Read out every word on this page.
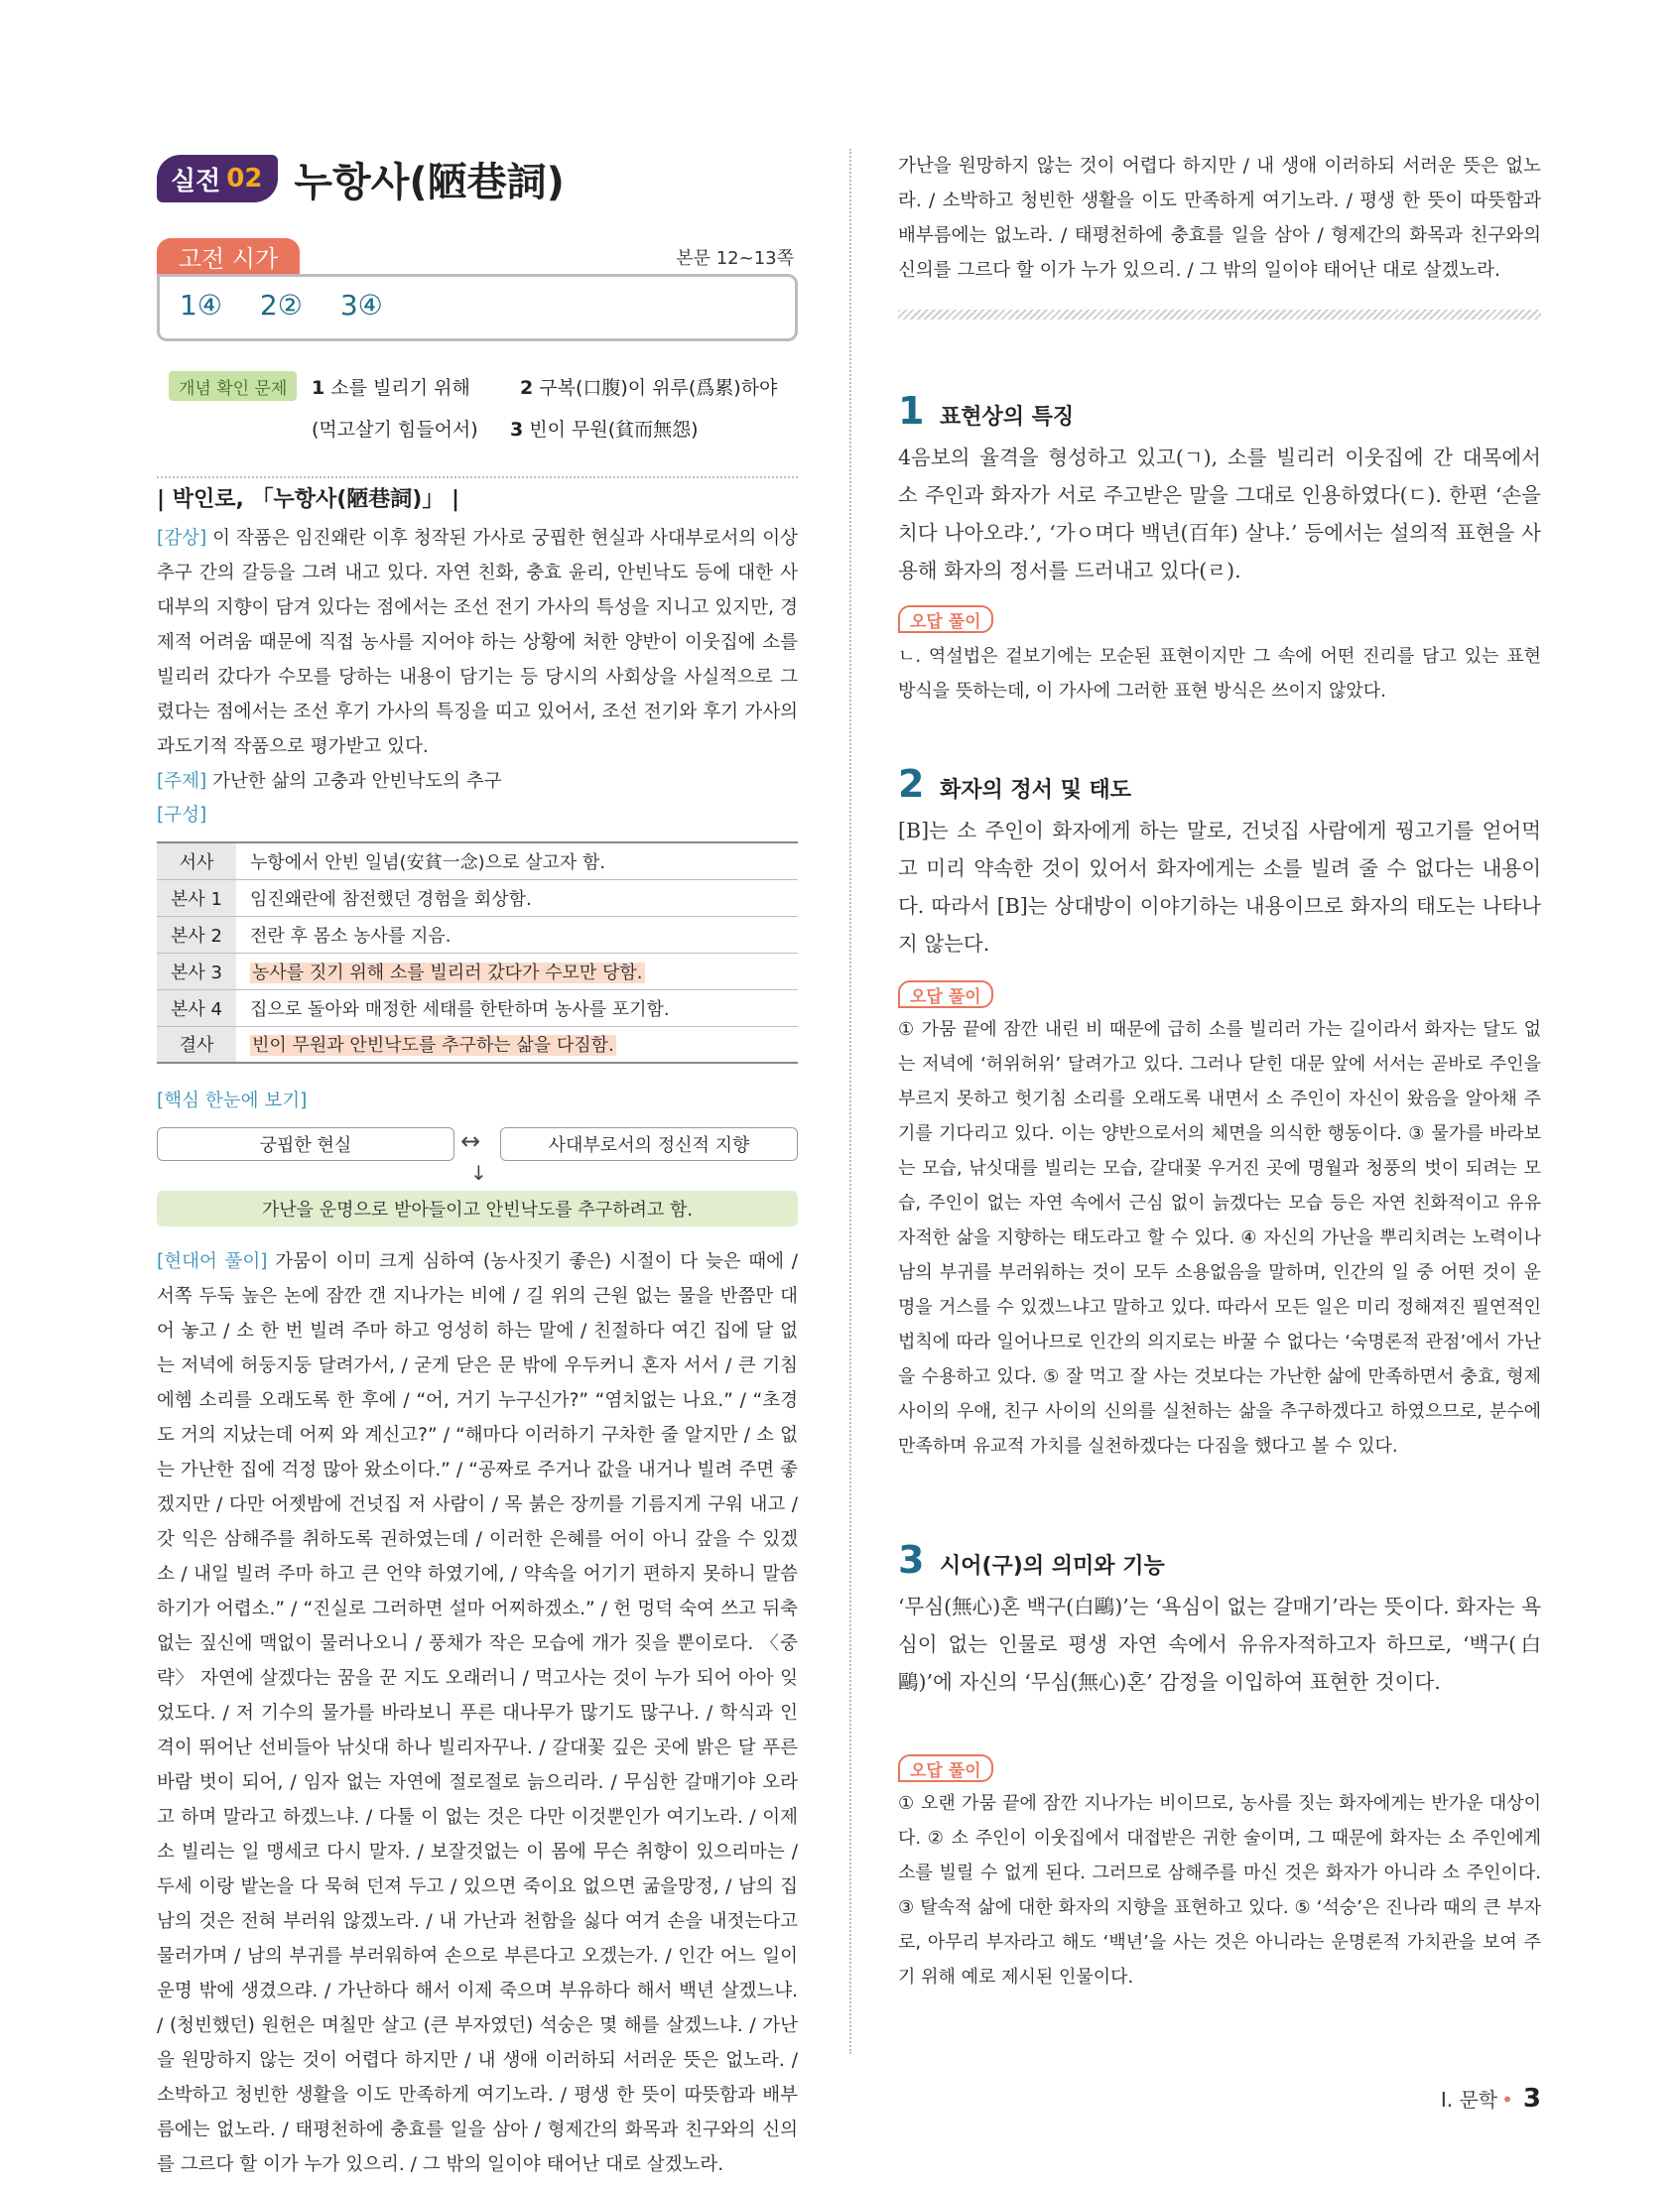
실전 02 누항사(陋巷詞)
고전 시가	본문 12~13쪽
1④ 2② 3④
개념 확인 문제	1 소를 빌리기 위해
(먹고살기 힘들어서)
2 구복(口腹)이 위루(爲累)하야
3 빈이 무원(貧而無怨)
| 박인로, 「누항사(陋巷詞)」 |
[감상] 이 작품은 임진왜란 이후 청작된 가사로 궁핍한 현실과 사대부로서의 이상 추구 간의 갈등을 그려 내고 있다. 자연 친화, 충효 윤리, 안빈낙도 등에 대한 사대부의 지향이 담겨 있다는 점에서는 조선 전기 가사의 특성을 지니고 있지만, 경제적 어려움 때문에 직접 농사를 지어야 하는 상황에 처한 양반이 이웃집에 소를 빌리러 갔다가 수모를 당하는 내용이 담기는 등 당시의 사회상을 사실적으로 그렸다는 점에서는 조선 후기 가사의 특징을 띠고 있어서, 조선 전기와 후기 가사의 과도기적 작품으로 평가받고 있다.
[주제] 가난한 삶의 고충과 안빈낙도의 추구
[구성]
서사	누항에서 안빈 일념(安貧一念)으로 살고자 함.
본사 1	임진왜란에 참전했던 경험을 회상함.
본사 2	전란 후 몸소 농사를 지음.
본사 3	농사를 짓기 위해 소를 빌리러 갔다가 수모만 당함.
본사 4	집으로 돌아와 매정한 세태를 한탄하며 농사를 포기함.
결사	빈이 무원과 안빈낙도를 추구하는 삶을 다짐함.
[핵심 한눈에 보기]
궁핍한 현실	↔	사대부로서의 정신적 지향
↓
가난을 운명으로 받아들이고 안빈낙도를 추구하려고 함.
[현대어 풀이] 가뭄이 이미 크게 심하여 (농사짓기 좋은) 시절이 다 늦은 때에 / 서쪽 두둑 높은 논에 잠깐 갠 지나가는 비에 / 길 위의 근원 없는 물을 반쯤만 대어 놓고 / 소 한 번 빌려 주마 하고 엉성히 하는 말에 / 친절하다 여긴 집에 달 없는 저녁에 허둥지둥 달려가서, / 굳게 닫은 문 밖에 우두커니 혼자 서서 / 큰 기침 에헴 소리를 오래도록 한 후에 / “어, 거기 누구신가?” “염치없는 나요.” / “초경도 거의 지났는데 어찌 와 계신고?” / “해마다 이러하기 구차한 줄 알지만 / 소 없는 가난한 집에 걱정 많아 왔소이다.” / “공짜로 주거나 값을 내거나 빌려 주면 좋겠지만 / 다만 어젯밤에 건넛집 저 사람이 / 목 붉은 장끼를 기름지게 구워 내고 / 갓 익은 삼해주를 취하도록 권하였는데 / 이러한 은혜를 어이 아니 갚을 수 있겠소 / 내일 빌려 주마 하고 큰 언약 하였기에, / 약속을 어기기 편하지 못하니 말씀하기가 어렵소.” / “진실로 그러하면 설마 어찌하겠소.” / 헌 멍덕 숙여 쓰고 뒤축 없는 짚신에 맥없이 물러나오니 / 풍채가 작은 모습에 개가 짖을 뿐이로다. 〈중략〉 자연에 살겠다는 꿈을 꾼 지도 오래러니 / 먹고사는 것이 누가 되어 아아 잊었도다. / 저 기수의 물가를 바라보니 푸른 대나무가 많기도 많구나. / 학식과 인격이 뛰어난 선비들아 낚싯대 하나 빌리자꾸나. / 갈대꽃 깊은 곳에 밝은 달 푸른 바람 벗이 되어, / 임자 없는 자연에 절로절로 늙으리라. / 무심한 갈매기야 오라고 하며 말라고 하겠느냐. / 다툴 이 없는 것은 다만 이것뿐인가 여기노라. / 이제 소 빌리는 일 맹세코 다시 말자. / 보잘것없는 이 몸에 무슨 취향이 있으리마는 / 두세 이랑 밭논을 다 묵혀 던져 두고 / 있으면 죽이요 없으면 굶을망정, / 남의 집 남의 것은 전혀 부러워 않겠노라. / 내 가난과 천함을 싫다 여겨 손을 내젓는다고 물러가며 / 남의 부귀를 부러워하여 손으로 부른다고 오겠는가. / 인간 어느 일이 운명 밖에 생겼으랴. / 가난하다 해서 이제 죽으며 부유하다 해서 백년 살겠느냐. / (청빈했던) 원헌은 며칠만 살고 (큰 부자였던) 석숭은 몇 해를 살겠느냐. / 가난을 원망하지 않는 것이 어렵다 하지만 / 내 생애 이러하되 서러운 뜻은 없노라. / 소박하고 청빈한 생활을 이도 만족하게 여기노라. / 평생 한 뜻이 따뜻함과 배부름에는 없노라. / 태평천하에 충효를 일을 삼아 / 형제간의 화목과 친구와의 신의를 그르다 할 이가 누가 있으리. / 그 밖의 일이야 태어난 대로 살겠노라.
가난을 원망하지 않는 것이 어렵다 하지만 / 내 생애 이러하되 서러운 뜻은 없노라. / 소박하고 청빈한 생활을 이도 만족하게 여기노라. / 평생 한 뜻이 따뜻함과 배부름에는 없노라. / 태평천하에 충효를 일을 삼아 / 형제간의 화목과 친구와의 신의를 그르다 할 이가 누가 있으리. / 그 밖의 일이야 태어난 대로 살겠노라.
1 표현상의 특징
4음보의 율격을 형성하고 있고(ㄱ), 소를 빌리러 이웃집에 간 대목에서 소 주인과 화자가 서로 주고받은 말을 그대로 인용하였다(ㄷ). 한편 ‘손을 치다 나아오랴.’, ‘가ㅇ며다 백년(百年) 살냐.’ 등에서는 설의적 표현을 사용해 화자의 정서를 드러내고 있다(ㄹ).
오답 풀이
ㄴ. 역설법은 겉보기에는 모순된 표현이지만 그 속에 어떤 진리를 담고 있는 표현 방식을 뜻하는데, 이 가사에 그러한 표현 방식은 쓰이지 않았다.
2 화자의 정서 및 태도
[B]는 소 주인이 화자에게 하는 말로, 건넛집 사람에게 꿩고기를 얻어먹고 미리 약속한 것이 있어서 화자에게는 소를 빌려 줄 수 없다는 내용이다. 따라서 [B]는 상대방이 이야기하는 내용이므로 화자의 태도는 나타나지 않는다.
오답 풀이
① 가뭄 끝에 잠깐 내린 비 때문에 급히 소를 빌리러 가는 길이라서 화자는 달도 없는 저녁에 ‘허위허위’ 달려가고 있다. 그러나 닫힌 대문 앞에 서서는 곧바로 주인을 부르지 못하고 헛기침 소리를 오래도록 내면서 소 주인이 자신이 왔음을 알아채 주기를 기다리고 있다. 이는 양반으로서의 체면을 의식한 행동이다. ③ 물가를 바라보는 모습, 낚싯대를 빌리는 모습, 갈대꽃 우거진 곳에 명월과 청풍의 벗이 되려는 모습, 주인이 없는 자연 속에서 근심 없이 늙겠다는 모습 등은 자연 친화적이고 유유자적한 삶을 지향하는 태도라고 할 수 있다. ④ 자신의 가난을 뿌리치려는 노력이나 남의 부귀를 부러워하는 것이 모두 소용없음을 말하며, 인간의 일 중 어떤 것이 운명을 거스를 수 있겠느냐고 말하고 있다. 따라서 모든 일은 미리 정해져진 필연적인 법칙에 따라 일어나므로 인간의 의지로는 바꿀 수 없다는 ‘숙명론적 관점’에서 가난을 수용하고 있다. ⑤ 잘 먹고 잘 사는 것보다는 가난한 삶에 만족하면서 충효, 형제 사이의 우애, 친구 사이의 신의를 실천하는 삶을 추구하겠다고 하였으므로, 분수에 만족하며 유교적 가치를 실천하겠다는 다짐을 했다고 볼 수 있다.
3 시어(구)의 의미와 기능
‘무심(無心)혼 백구(白鷗)’는 ‘욕심이 없는 갈매기’라는 뜻이다. 화자는 욕심이 없는 인물로 평생 자연 속에서 유유자적하고자 하므로, ‘백구(白鷗)’에 자신의 ‘무심(無心)혼’ 감정을 이입하여 표현한 것이다.
오답 풀이
① 오랜 가뭄 끝에 잠깐 지나가는 비이므로, 농사를 짓는 화자에게는 반가운 대상이다. ② 소 주인이 이웃집에서 대접받은 귀한 술이며, 그 때문에 화자는 소 주인에게 소를 빌릴 수 없게 된다. 그러므로 삼해주를 마신 것은 화자가 아니라 소 주인이다. ③ 탈속적 삶에 대한 화자의 지향을 표현하고 있다. ⑤ ‘석숭’은 진나라 때의 큰 부자로, 아무리 부자라고 해도 ‘백년’을 사는 것은 아니라는 운명론적 가치관을 보여 주기 위해 예로 제시된 인물이다.
I. 문학 • 3
